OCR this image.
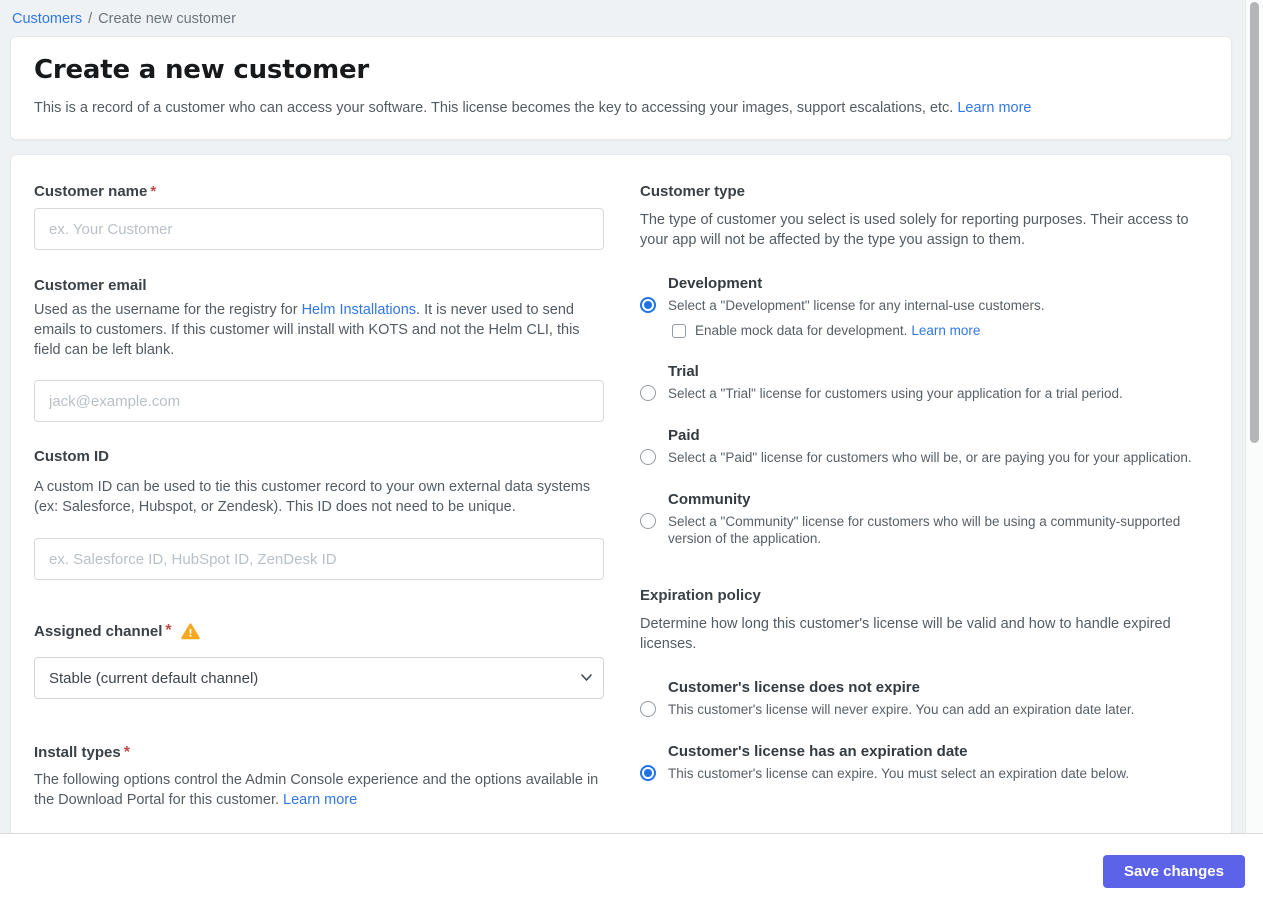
Customers / Create new customer
Create a new customer

This is a record of a customer who can access your software. This license becomes the key to accessing your images, support escalations, etc. Learn more

Customer name *
ex. Your Customer
Customer email

Used as the username for the registry for Helm Installations. It is never used to send emails to customers. If this customer will install with KOTS and not the Helm CLI, this field can be left blank.

jack@example.com
Custom ID

A custom ID can be used to tie this customer record to your own external data systems (ex: Salesforce, Hubspot, or Zendesk). This ID does not need to be unique.

ex. Salesforce ID, HubSpot ID, ZenDesk ID
Assigned channel *
Stable (current default channel)
Install types *

The following options control the Admin Console experience and the options available in the Download Portal for this customer. Learn more

Customer type

The type of customer you select is used solely for reporting purposes. Their access to your app will not be affected by the type you assign to them.

Development
Select a "Development" license for any internal-use customers.
Enable mock data for development. Learn more
Trial
Select a "Trial" license for customers using your application for a trial period.
Paid
Select a "Paid" license for customers who will be, or are paying you for your application.
Community
Select a "Community" license for customers who will be using a community-supported version of the application.
Expiration policy

Determine how long this customer's license will be valid and how to handle expired licenses.

Customer's license does not expire
This customer's license will never expire. You can add an expiration date later.
Customer's license has an expiration date
This customer's license can expire. You must select an expiration date below.
Save changes
